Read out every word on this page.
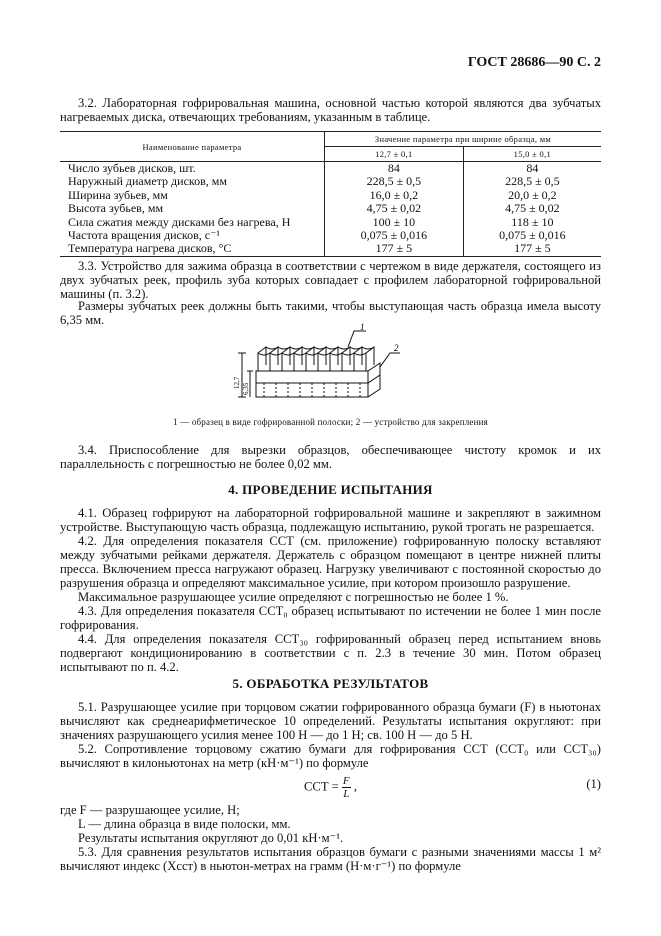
ГОСТ 28686—90 С. 2
3.2. Лабораторная гофрировальная машина, основной частью которой являются два зубчатых нагреваемых диска, отвечающих требованиям, указанным в таблице.
Наименование параметра	Значение параметра при ширине образца, мм	
	12,7 ± 0,1	15,0 ± 0,1
Число зубьев дисков, шт.	84	84
Наружный диаметр дисков, мм	228,5 ± 0,5	228,5 ± 0,5
Ширина зубьев, мм	16,0 ± 0,2	20,0 ± 0,2
Высота зубьев, мм	4,75 ± 0,02	4,75 ± 0,02
Сила сжатия между дисками без нагрева, Н	100 ± 10	118 ± 10
Частота вращения дисков, с⁻¹	0,075 ± 0,016	0,075 ± 0,016
Температура нагрева дисков, °С	177 ± 5	177 ± 5
3.3. Устройство для зажима образца в соответствии с чертежом в виде держателя, состоящего из двух зубчатых реек, профиль зуба которых совпадает с профилем лабораторной гофрировальной машины (п. 3.2).
Размеры зубчатых реек должны быть такими, чтобы выступающая часть образца имела высоту 6,35 мм.	1
2
12,7 6,35
1 — образец в виде гофрированной полоски; 2 — устройство для закрепления
3.4. Приспособление для вырезки образцов, обеспечивающее чистоту кромок и их параллельность с погрешностью не более 0,02 мм.
4. ПРОВЕДЕНИЕ ИСПЫТАНИЯ
4.1. Образец гофрируют на лабораторной гофрировальной машине и закрепляют в зажимном устройстве. Выступающую часть образца, подлежащую испытанию, рукой трогать не разрешается.
4.2. Для определения показателя ССТ (см. приложение) гофрированную полоску вставляют между зубчатыми рейками держателя. Держатель с образцом помещают в центре нижней плиты пресса. Включением пресса нагружают образец. Нагрузку увеличивают с постоянной скоростью до разрушения образца и определяют максимальное усилие, при котором произошло разрушение.
Максимальное разрушающее усилие определяют с погрешностью не более 1 %.
4.3. Для определения показателя ССТ₀ образец испытывают по истечении не более 1 мин после гофрирования.
4.4. Для определения показателя ССТ₃₀ гофрированный образец перед испытанием вновь подвергают кондиционированию в соответствии с п. 2.3 в течение 30 мин. Потом образец испытывают по п. 4.2.
5. ОБРАБОТКА РЕЗУЛЬТАТОВ
5.1. Разрушающее усилие при торцовом сжатии гофрированного образца бумаги (F) в ньютонах вычисляют как среднеарифметическое 10 определений. Результаты испытания округляют: при значениях разрушающего усилия менее 100 Н — до 1 Н; св. 100 Н — до 5 Н.
5.2. Сопротивление торцовому сжатию бумаги для гофрирования ССТ (ССТ₀ или ССТ₃₀) вычисляют в килоньютонах на метр (кН·м⁻¹) по формуле
ССТ = $\frac{F}{L}$ ,	(1)
где F — разрушающее усилие, Н;
L — длина образца в виде полоски, мм.
Результаты испытания округляют до 0,01 кН·м⁻¹.
5.3. Для сравнения результатов испытания образцов бумаги с разными значениями массы 1 м² вычисляют индекс (Xсст) в ньютон-метрах на грамм (Н·м·г⁻¹) по формуле
